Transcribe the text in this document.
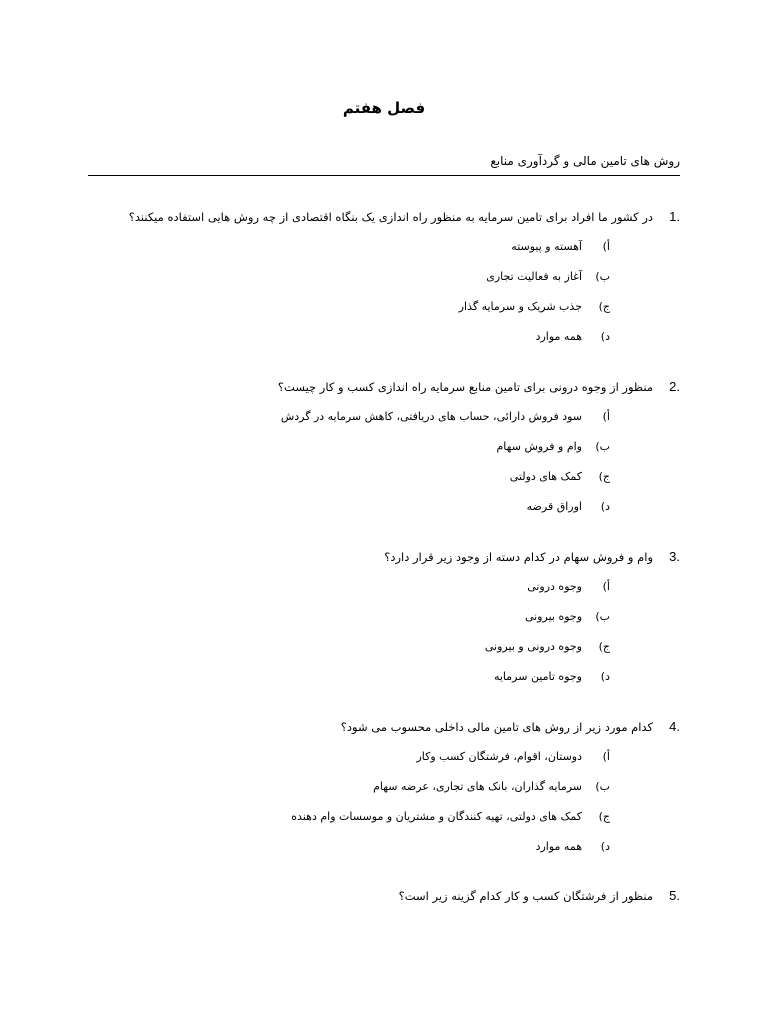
فصل هفتم
روش های تامین مالی و گردآوری منابع
1.
در کشور ما افراد برای تامین سرمایه به منظور راه اندازی یک بنگاه اقتصادی از چه روش هایی استفاده میکنند؟
أ)
آهسته و پیوسته
ب)
آغاز به فعالیت تجاری
ج)
جذب شریک و سرمایه گذار
د)
همه موارد
2.
منظور از وجوه درونی برای تامین منابع سرمایه راه اندازی کسب و کار چیست؟
أ)
سود فروش دارائی، حساب های دریافتی، کاهش سرمایه در گردش
ب)
وام و فروش سهام
ج)
کمک های دولتی
د)
اوراق قرضه
3.
وام و فروش سهام در کدام دسته از وجود زیر قرار دارد؟
أ)
وجوه درونی
ب)
وجوه بیرونی
ج)
وجوه درونی و بیرونی
د)
وجوه تامین سرمایه
4.
کدام مورد زیر از روش های تامین مالی داخلی محسوب می شود؟
أ)
دوستان، اقوام، فرشتگان کسب وکار
ب)
سرمایه گذاران، بانک های تجاری، عرضه سهام
ج)
کمک های دولتی، تهیه کنندگان و مشتریان و موسسات وام دهنده
د)
همه موارد
5.
منظور از فرشتگان کسب و کار کدام گزینه زیر است؟
